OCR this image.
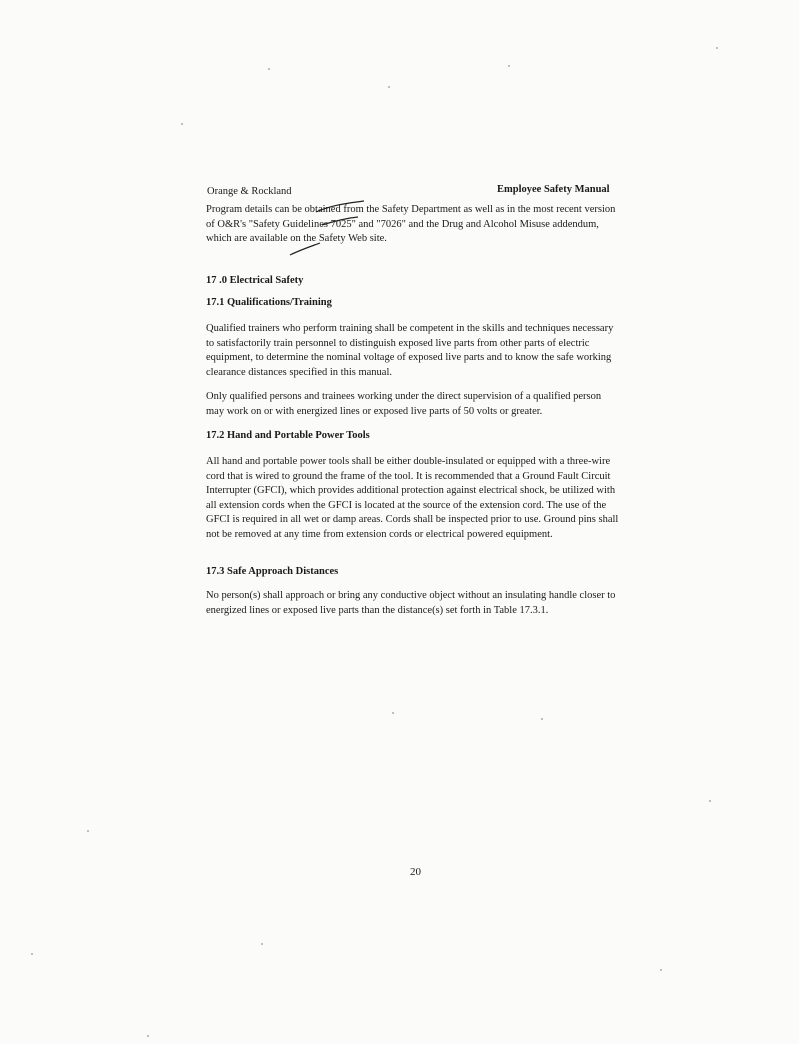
Orange & Rockland	Employee Safety Manual
Program details can be obtained from the Safety Department as well as in the most recent version of O&R's "Safety Guidelines 7025" and "7026" and the Drug and Alcohol Misuse addendum, which are available on the Safety Web site.
17 .0 Electrical Safety
17.1 Qualifications/Training
Qualified trainers who perform training shall be competent in the skills and techniques necessary to satisfactorily train personnel to distinguish exposed live parts from other parts of electric equipment, to determine the nominal voltage of exposed live parts and to know the safe working clearance distances specified in this manual.
Only qualified persons and trainees working under the direct supervision of a qualified person may work on or with energized lines or exposed live parts of 50 volts or greater.
17.2 Hand and Portable Power Tools
All hand and portable power tools shall be either double-insulated or equipped with a three-wire cord that is wired to ground the frame of the tool. It is recommended that a Ground Fault Circuit Interrupter (GFCI), which provides additional protection against electrical shock, be utilized with all extension cords when the GFCI is located at the source of the extension cord. The use of the GFCI is required in all wet or damp areas. Cords shall be inspected prior to use. Ground pins shall not be removed at any time from extension cords or electrical powered equipment.
17.3 Safe Approach Distances
No person(s) shall approach or bring any conductive object without an insulating handle closer to energized lines or exposed live parts than the distance(s) set forth in Table 17.3.1.
20
